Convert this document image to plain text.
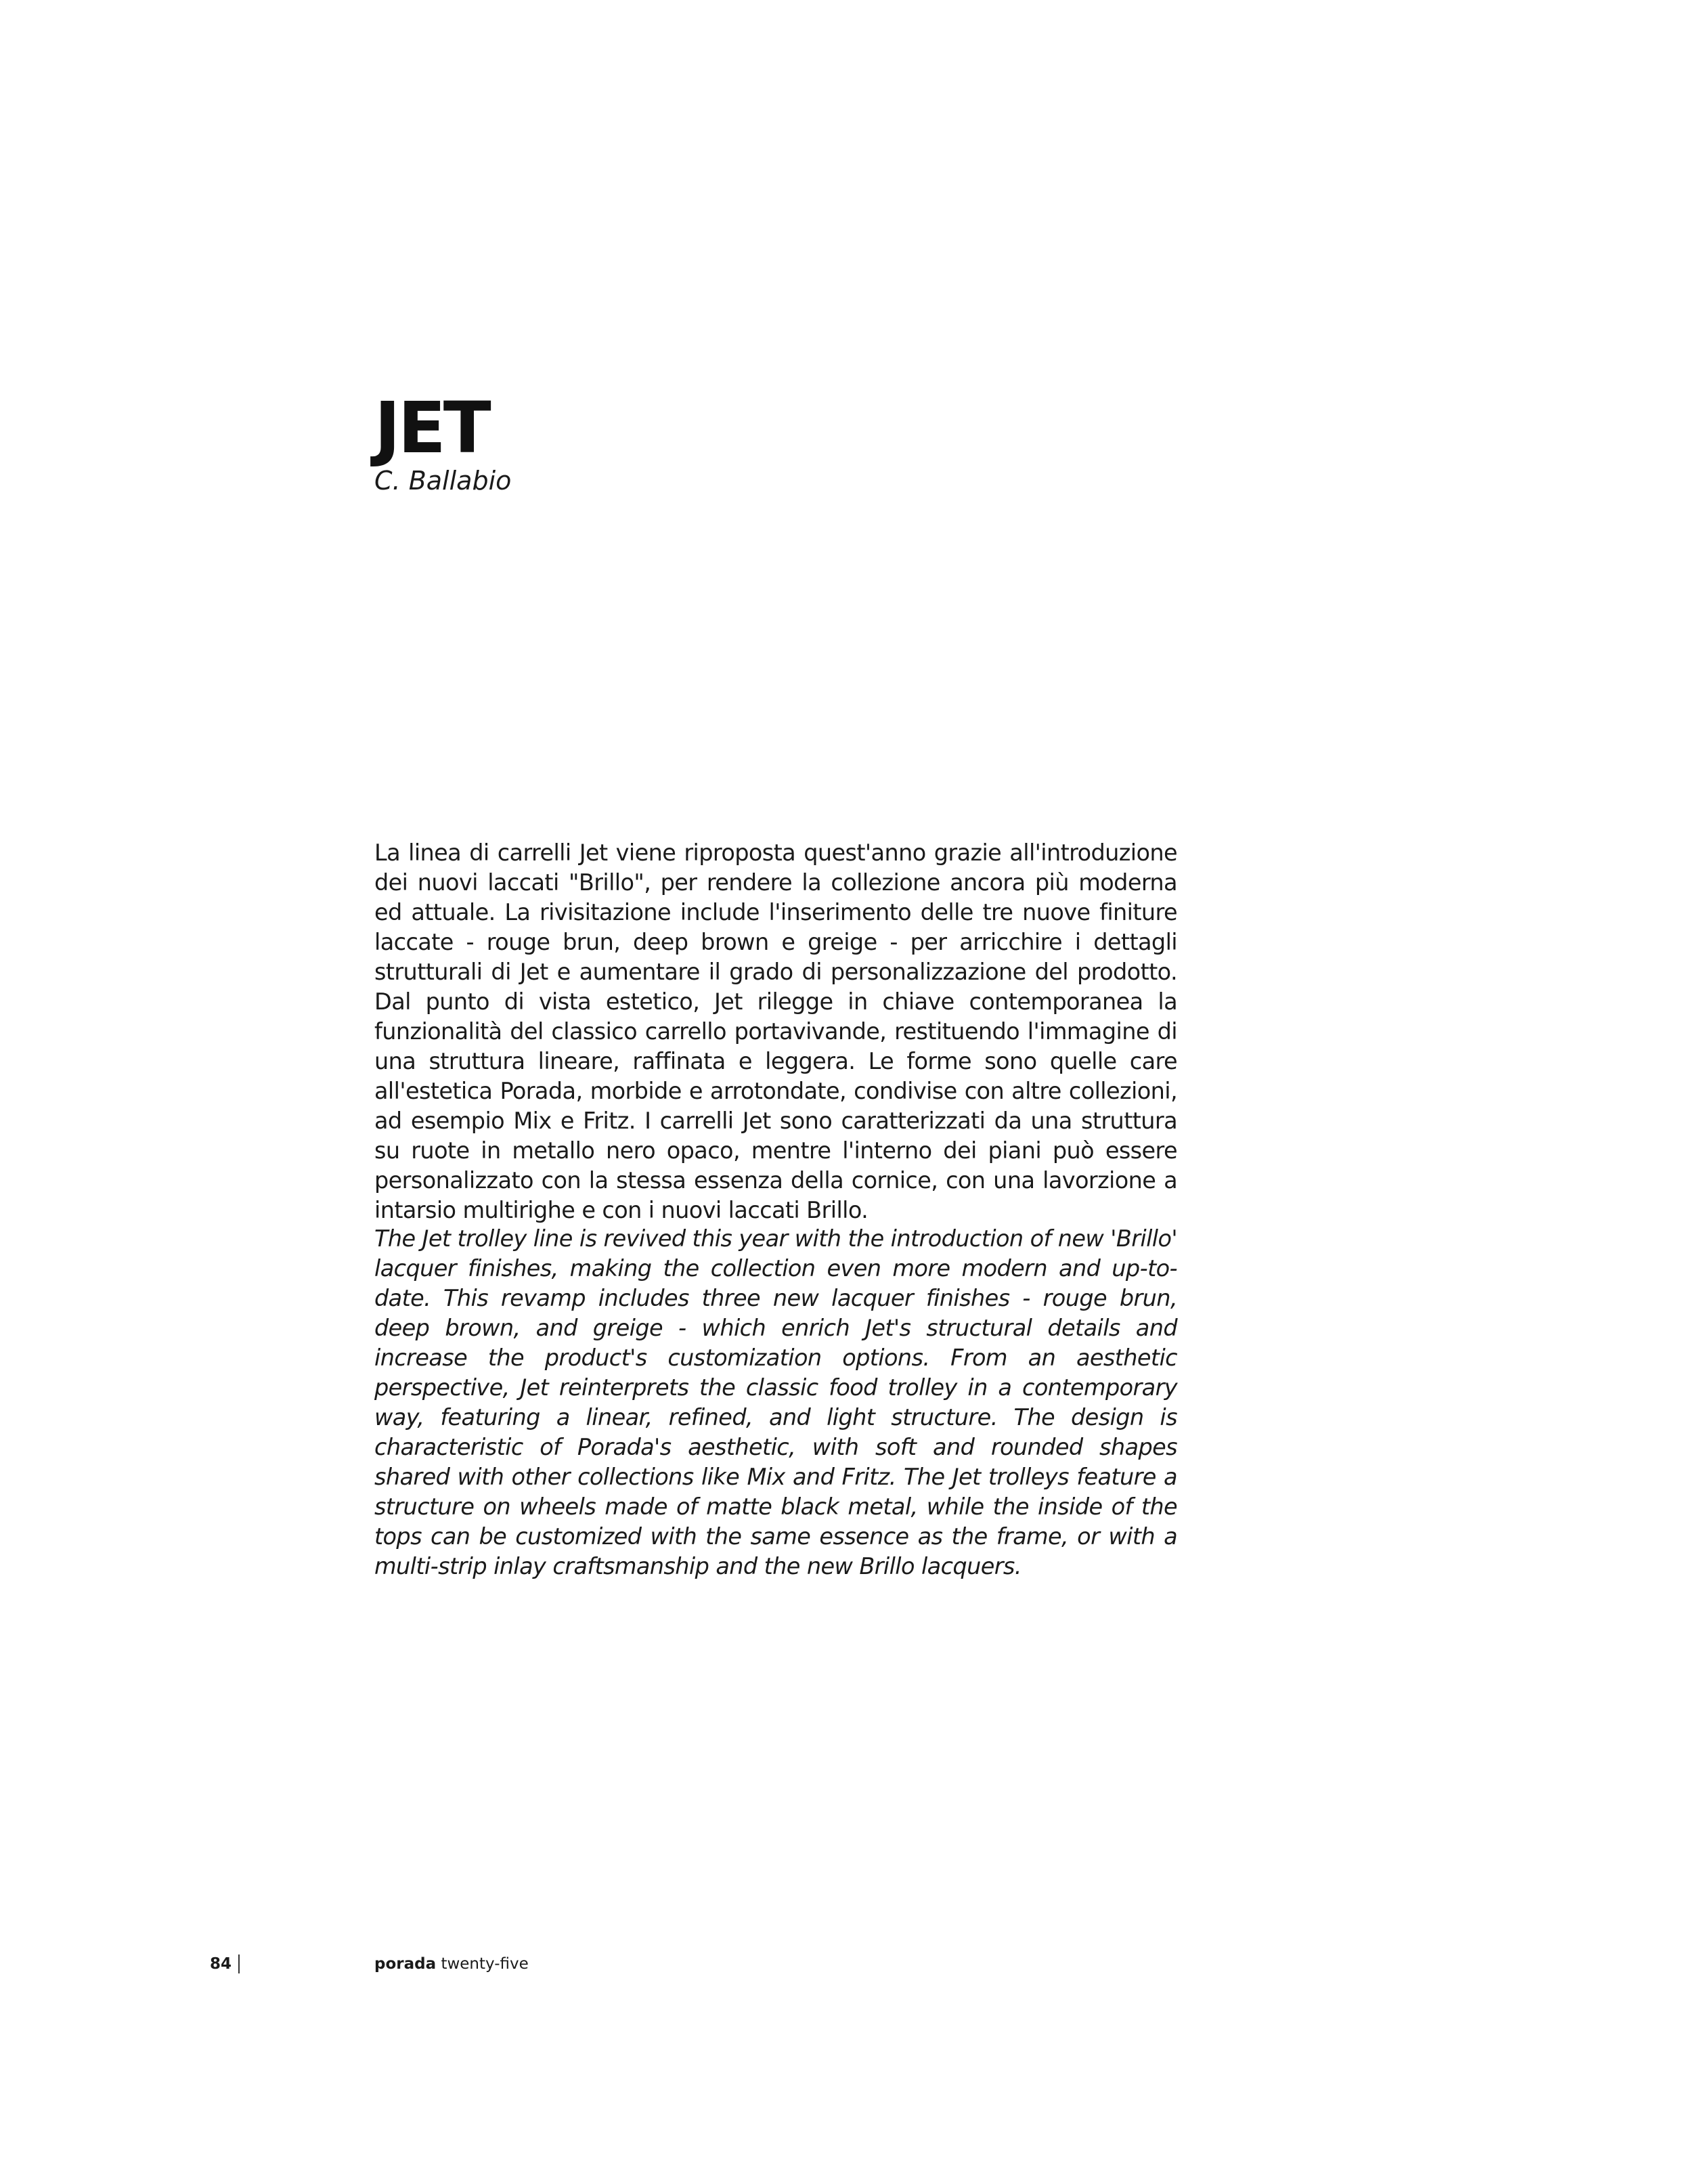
JET
C. Ballabio

La linea di carrelli Jet viene riproposta quest'anno grazie all'introduzione dei nuovi laccati "Brillo", per rendere la collezione ancora più moderna ed attuale. La rivisitazione include l'inserimento delle tre nuove finiture laccate - rouge brun, deep brown e greige - per arricchire i dettagli strutturali di Jet e aumentare il grado di personalizzazione del prodotto. Dal punto di vista estetico, Jet rilegge in chiave contemporanea la funzionalità del classico carrello portavivande, restituendo l'immagine di una struttura lineare, raffinata e leggera. Le forme sono quelle care all'estetica Porada, morbide e arrotondate, condivise con altre collezioni, ad esempio Mix e Fritz. I carrelli Jet sono caratterizzati da una struttura su ruote in metallo nero opaco, mentre l'interno dei piani può essere personalizzato con la stessa essenza della cornice, con una lavorzione a intarsio multirighe e con i nuovi laccati Brillo.

The Jet trolley line is revived this year with the introduction of new 'Brillo' lacquer finishes, making the collection even more modern and up-to-date. This revamp includes three new lacquer finishes - rouge brun, deep brown, and greige - which enrich Jet's structural details and increase the product's customization options. From an aesthetic perspective, Jet reinterprets the classic food trolley in a contemporary way, featuring a linear, refined, and light structure. The design is characteristic of Porada's aesthetic, with soft and rounded shapes shared with other collections like Mix and Fritz. The Jet trolleys feature a structure on wheels made of matte black metal, while the inside of the tops can be customized with the same essence as the frame, or with a multi-strip inlay craftsmanship and the new Brillo lacquers.

84	porada twenty-five
